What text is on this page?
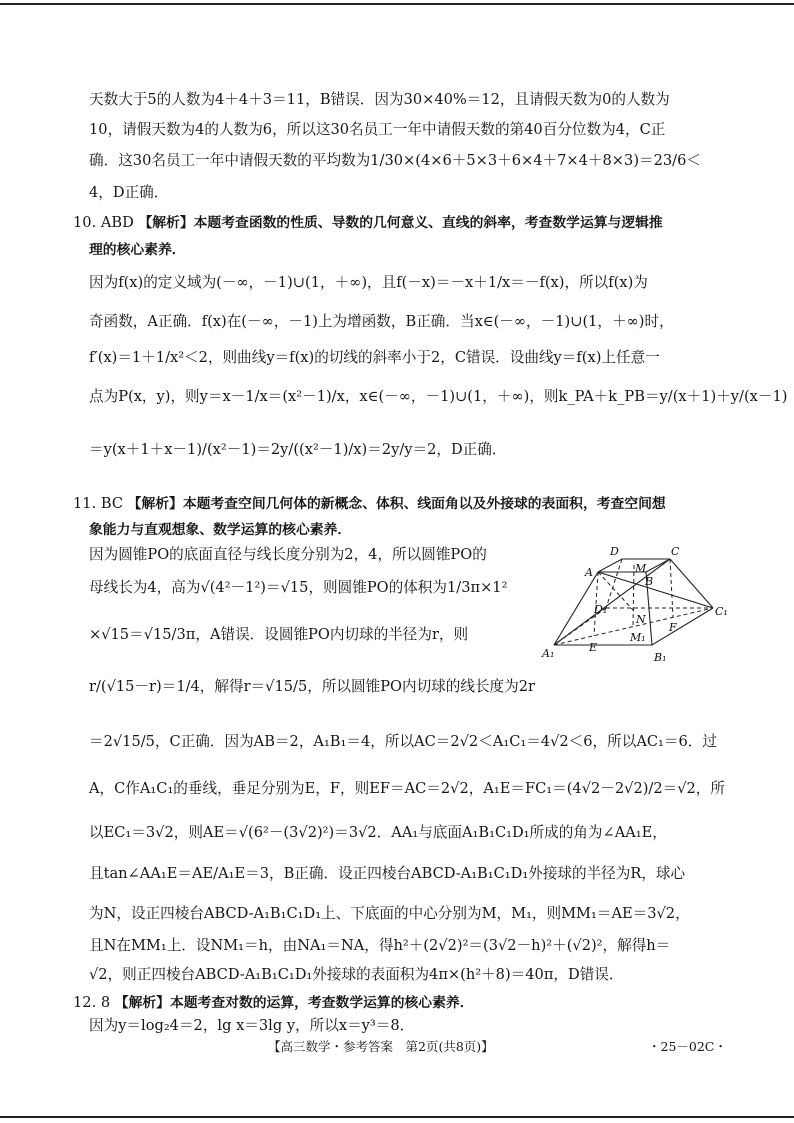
天数大于5的人数为4＋4＋3＝11，B错误．因为30×40%＝12，且请假天数为0的人数为
10，请假天数为4的人数为6，所以这30名员工一年中请假天数的第40百分位数为4，C正
确．这30名员工一年中请假天数的平均数为1/30×(4×6＋5×3＋6×4＋7×4＋8×3)＝23/6＜
4，D正确．
10. ABD 【解析】本题考查函数的性质、导数的几何意义、直线的斜率，考查数学运算与逻辑推
理的核心素养．
因为f(x)的定义域为(－∞，－1)∪(1，＋∞)，且f(－x)＝－x＋1/x＝－f(x)，所以f(x)为
奇函数，A正确．f(x)在(－∞，－1)上为增函数，B正确．当x∈(－∞，－1)∪(1，＋∞)时，
f′(x)＝1＋1/x²＜2，则曲线y＝f(x)的切线的斜率小于2，C错误．设曲线y＝f(x)上任意一
点为P(x，y)，则y＝x－1/x＝(x²－1)/x，x∈(－∞，－1)∪(1，＋∞)，则k_PA＋k_PB＝y/(x＋1)＋y/(x－1)
＝y(x＋1＋x－1)/(x²－1)＝2y/((x²－1)/x)＝2y/y＝2，D正确．
11. BC 【解析】本题考查空间几何体的新概念、体积、线面角以及外接球的表面积，考查空间想
象能力与直观想象、数学运算的核心素养．
因为圆锥PO的底面直径与线长度分别为2，4，所以圆锥PO的
母线长为4，高为√(4²－1²)＝√15，则圆锥PO的体积为1/3π×1²
×√15＝√15/3π，A错误．设圆锥PO内切球的半径为r，则
r/(√15－r)＝1/4，解得r＝√15/5，所以圆锥PO内切球的线长度为2r
＝2√15/5，C正确．因为AB＝2，A₁B₁＝4，所以AC＝2√2＜A₁C₁＝4√2＜6，所以AC₁＝6．过
A，C作A₁C₁的垂线，垂足分别为E，F，则EF＝AC＝2√2，A₁E＝FC₁＝(4√2－2√2)/2＝√2，所
以EC₁＝3√2，则AE＝√(6²－(3√2)²)＝3√2．AA₁与底面A₁B₁C₁D₁所成的角为∠AA₁E，
且tan∠AA₁E＝AE/A₁E＝3，B正确．设正四棱台ABCD-A₁B₁C₁D₁外接球的半径为R，球心
为N，设正四棱台ABCD-A₁B₁C₁D₁上、下底面的中心分别为M，M₁，则MM₁＝AE＝3√2，
且N在MM₁上．设NM₁＝h，由NA₁＝NA，得h²＋(2√2)²＝(3√2－h)²＋(√2)²，解得h＝
√2，则正四棱台ABCD-A₁B₁C₁D₁外接球的表面积为4π×(h²＋8)＝40π，D错误．
12. 8 【解析】本题考查对数的运算，考查数学运算的核心素养．
因为y＝log₂4＝2，lg x＝3lg y，所以x＝y³＝8．
D	C
A	M
B
D₁
N
C₁
F
M₁
A₁	E
B₁
【高三数学・参考答案　第2页(共8页)】	・25－02C・
